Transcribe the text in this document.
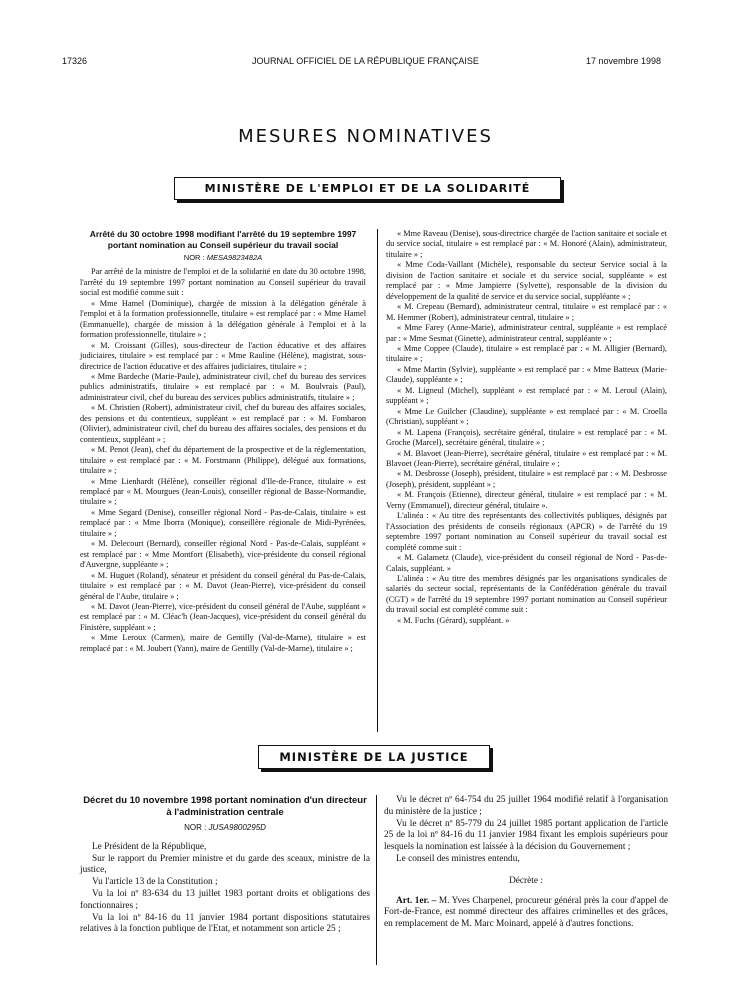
17326	JOURNAL OFFICIEL DE LA RÉPUBLIQUE FRANÇAISE	17 novembre 1998
MESURES NOMINATIVES
MINISTÈRE DE L'EMPLOI ET DE LA SOLIDARITÉ
Arrêté du 30 octobre 1998 modifiant l'arrêté du 19 septembre 1997 portant nomination au Conseil supérieur du travail social
NOR : MESA9823482A

Par arrêté de la ministre de l'emploi et de la solidarité en date du 30 octobre 1998, l'arrêté du 19 septembre 1997 portant nomination au Conseil supérieur du travail social est modifié comme suit :

« Mme Hamel (Dominique), chargée de mission à la délégation générale à l'emploi et à la formation professionnelle, titulaire » est remplacé par : « Mme Hamel (Emmanuelle), chargée de mission à la délégation générale à l'emploi et à la formation professionnelle, titulaire » ;

« M. Croissant (Gilles), sous-directeur de l'action éducative et des affaires judiciaires, titulaire » est remplacé par : « Mme Rauline (Hélène), magistrat, sous-directrice de l'action éducative et des affaires judiciaires, titulaire » ;

« Mme Bardeche (Marie-Paule), administrateur civil, chef du bureau des services publics administratifs, titulaire » est remplacé par : « M. Boulvrais (Paul), administrateur civil, chef du bureau des services publics administratifs, titulaire » ;

« M. Christien (Robert), administrateur civil, chef du bureau des affaires sociales, des pensions et du contentieux, suppléant » est remplacé par : « M. Fombaron (Olivier), administrateur civil, chef du bureau des affaires sociales, des pensions et du contentieux, suppléant » ;

« M. Penot (Jean), chef du département de la prospective et de la réglementation, titulaire » est remplacé par : « M. Forstmann (Philippe), délégué aux formations, titulaire » ;

« Mme Lienhardt (Hélène), conseiller régional d'Ile-de-France, titulaire » est remplacé par « M. Mourgues (Jean-Louis), conseiller régional de Basse-Normandie, titulaire » ;

« Mme Segard (Denise), conseiller régional Nord - Pas-de-Calais, titulaire » est remplacé par : « Mme Iborra (Monique), conseillère régionale de Midi-Pyrénées, titulaire » ;

« M. Delecourt (Bernard), conseiller régional Nord - Pas-de-Calais, suppléant » est remplacé par : « Mme Montfort (Elisabeth), vice-présidente du conseil régional d'Auvergne, suppléante » ;

« M. Huguet (Roland), sénateur et président du conseil général du Pas-de-Calais, titulaire » est remplacé par : « M. Davot (Jean-Pierre), vice-président du conseil général de l'Aube, titulaire » ;

« M. Davot (Jean-Pierre), vice-président du conseil général de l'Aube, suppléant » est remplacé par : « M. Cléac'h (Jean-Jacques), vice-président du conseil général du Finistère, suppléant » ;

« Mme Leroux (Carmen), maire de Gentilly (Val-de-Marne), titulaire » est remplacé par : « M. Joubert (Yann), maire de Gentilly (Val-de-Marne), titulaire » ;

« Mme Raveau (Denise), sous-directrice chargée de l'action sanitaire et sociale et du service social, titulaire » est remplacé par : « M. Honoré (Alain), administrateur, titulaire » ;

« Mme Coda-Vaillant (Michèle), responsable du secteur Service social à la division de l'action sanitaire et sociale et du service social, suppléante » est remplacé par : « Mme Jampierre (Sylvette), responsable de la division du développement de la qualité de service et du service social, suppléante » ;

« M. Crepeau (Bernard), administrateur central, titulaire » est remplacé par : « M. Hemmer (Robert), administrateur central, titulaire » ;

« Mme Farey (Anne-Marie), administrateur central, suppléante » est remplacé par : « Mme Sesmat (Ginette), administrateur central, suppléante » ;

« Mme Coppee (Claude), titulaire » est remplacé par : « M. Alligier (Bernard), titulaire » ;

« Mme Martin (Sylvie), suppléante » est remplacé par : « Mme Batteux (Marie-Claude), suppléante » ;

« M. Ligneul (Michel), suppléant » est remplacé par : « M. Leroul (Alain), suppléant » ;

« Mme Le Guilcher (Claudine), suppléante » est remplacé par : « M. Croella (Christian), suppléant » ;

« M. Lapena (François), secrétaire général, titulaire » est remplacé par : « M. Groche (Marcel), secrétaire général, titulaire » ;

« M. Blavoet (Jean-Pierre), secrétaire général, titulaire » est remplacé par : « M. Blavoet (Jean-Pierre), secrétaire général, titulaire » ;

« M. Desbrosse (Joseph), président, titulaire » est remplacé par : « M. Desbrosse (Joseph), président, suppléant » ;

« M. François (Etienne), directeur général, titulaire » est remplacé par : « M. Verny (Emmanuel), directeur général, titulaire ».

L'alinéa : « Au titre des représentants des collectivités publiques, désignés par l'Association des présidents de conseils régionaux (APCR) » de l'arrêté du 19 septembre 1997 portant nomination au Conseil supérieur du travail social est complété comme suit :

« M. Galametz (Claude), vice-président du conseil régional de Nord - Pas-de-Calais, suppléant. »

L'alinéa : « Au titre des membres désignés par les organisations syndicales de salariés du secteur social, représentants de la Confédération générale du travail (CGT) » de l'arrêté du 19 septembre 1997 portant nomination au Conseil supérieur du travail social est complété comme suit :

« M. Fuchs (Gérard), suppléant. »

MINISTÈRE DE LA JUSTICE
Décret du 10 novembre 1998 portant nomination d'un directeur à l'administration centrale
NOR : JUSA9800295D

Le Président de la République,

Sur le rapport du Premier ministre et du garde des sceaux, ministre de la justice,

Vu l'article 13 de la Constitution ;

Vu la loi nº 83-634 du 13 juillet 1983 portant droits et obligations des fonctionnaires ;

Vu la loi nº 84-16 du 11 janvier 1984 portant dispositions statutaires relatives à la fonction publique de l'Etat, et notamment son article 25 ;

Vu le décret nº 64-754 du 25 juillet 1964 modifié relatif à l'organisation du ministère de la justice ;

Vu le décret nº 85-779 du 24 juillet 1985 portant application de l'article 25 de la loi nº 84-16 du 11 janvier 1984 fixant les emplois supérieurs pour lesquels la nomination est laissée à la décision du Gouvernement ;

Le conseil des ministres entendu,

Décrète :

Art. 1er. – M. Yves Charpenel, procureur général près la cour d'appel de Fort-de-France, est nommé directeur des affaires criminelles et des grâces, en remplacement de M. Marc Moinard, appelé à d'autres fonctions.
